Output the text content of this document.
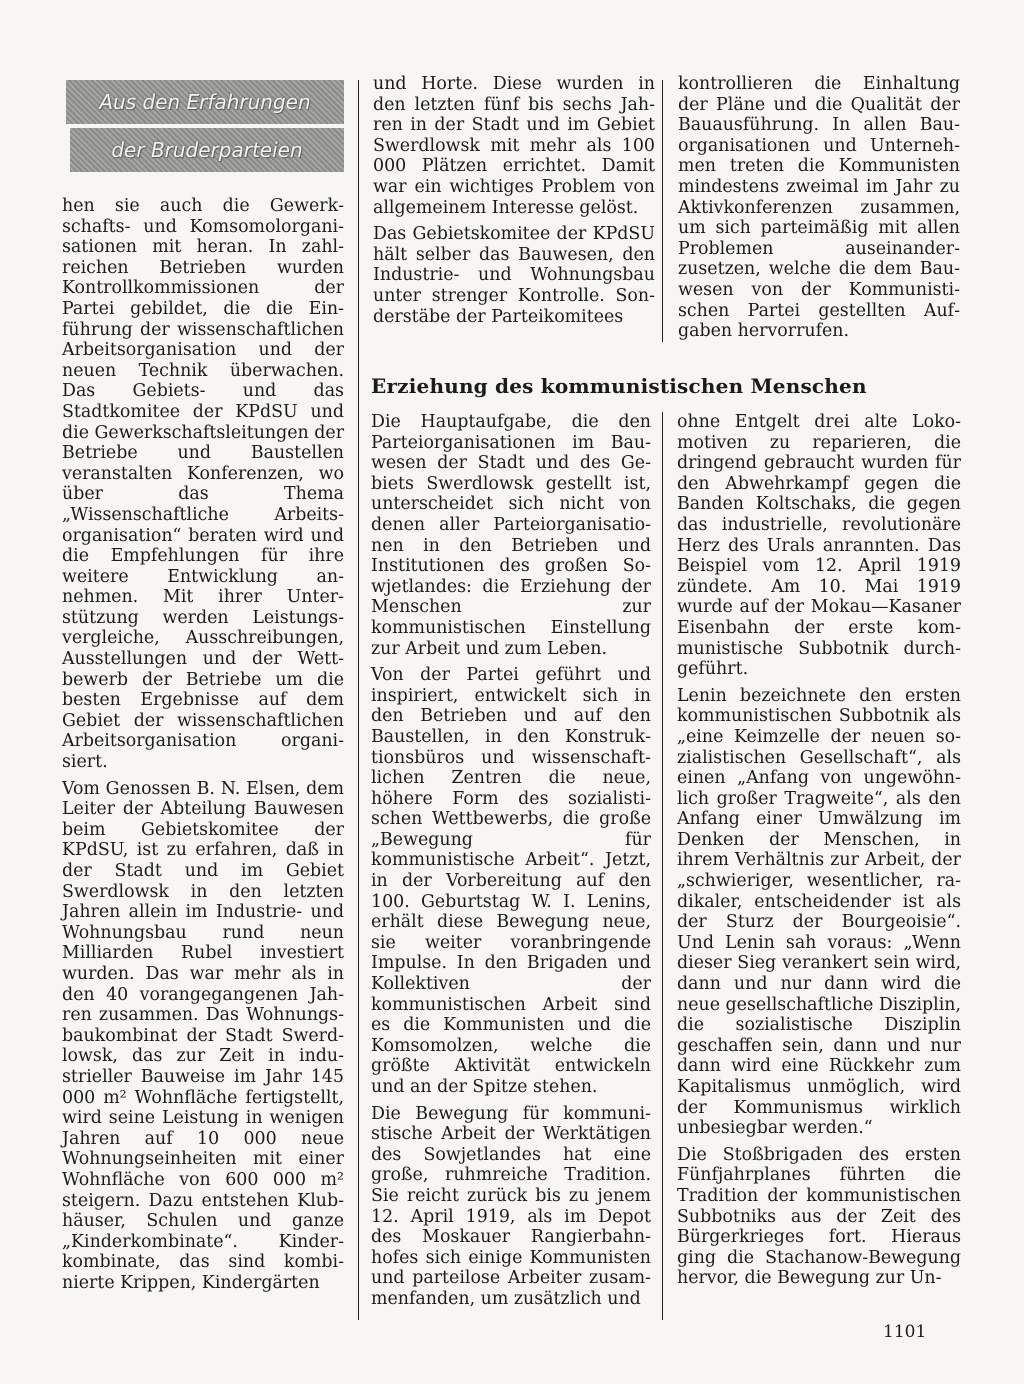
Aus den Erfahrungen
der Bruderparteien

hen sie auch die Gewerkschafts- und Komsomolorganisationen mit heran. In zahlreichen Betrieben wurden Kontrollkommissionen der Partei gebildet, die die Einführung der wissenschaftlichen Arbeitsorganisation und der neuen Technik überwachen. Das Gebiets- und das Stadtkomitee der KPdSU und die Gewerkschaftsleitungen der Betriebe und Baustellen veranstalten Konferenzen, wo über das Thema „Wissenschaftliche Arbeitsorganisation“ beraten wird und die Empfehlungen für ihre weitere Entwicklung annehmen. Mit ihrer Unterstützung werden Leistungsvergleiche, Ausschreibungen, Ausstellungen und der Wettbewerb der Betriebe um die besten Ergebnisse auf dem Gebiet der wissenschaftlichen Arbeitsorganisation organisiert.

Vom Genossen B. N. Elsen, dem Leiter der Abteilung Bauwesen beim Gebietskomitee der KPdSU, ist zu erfahren, daß in der Stadt und im Gebiet Swerdlowsk in den letzten Jahren allein im Industrie- und Wohnungsbau rund neun Milliarden Rubel investiert wurden. Das war mehr als in den 40 vorangegangenen Jahren zusammen. Das Wohnungsbaukombinat der Stadt Swerdlowsk, das zur Zeit in industrieller Bauweise im Jahr 145 000 m² Wohnfläche fertigstellt, wird seine Leistung in wenigen Jahren auf 10 000 neue Wohnungseinheiten mit einer Wohnfläche von 600 000 m² steigern. Dazu entstehen Klubhäuser, Schulen und ganze „Kinderkombinate“. Kinderkombinate, das sind kombinierte Krippen, Kindergärten

und Horte. Diese wurden in den letzten fünf bis sechs Jahren in der Stadt und im Gebiet Swerdlowsk mit mehr als 100 000 Plätzen errichtet. Damit war ein wichtiges Problem von allgemeinem Interesse gelöst.

Das Gebietskomitee der KPdSU hält selber das Bauwesen, den Industrie- und Wohnungsbau unter strenger Kontrolle. Sonderstäbe der Parteikomitees

kontrollieren die Einhaltung der Pläne und die Qualität der Bauausführung. In allen Bauorganisationen und Unternehmen treten die Kommunisten mindestens zweimal im Jahr zu Aktivkonferenzen zusammen, um sich parteimäßig mit allen Problemen auseinanderzusetzen, welche die dem Bauwesen von der Kommunistischen Partei gestellten Aufgaben hervorrufen.

Erziehung des kommunistischen Menschen

Die Hauptaufgabe, die den Parteiorganisationen im Bauwesen der Stadt und des Gebiets Swerdlowsk gestellt ist, unterscheidet sich nicht von denen aller Parteiorganisationen in den Betrieben und Institutionen des großen Sowjetlandes: die Erziehung der Menschen zur kommunistischen Einstellung zur Arbeit und zum Leben.

Von der Partei geführt und inspiriert, entwickelt sich in den Betrieben und auf den Baustellen, in den Konstruktionsbüros und wissenschaftlichen Zentren die neue, höhere Form des sozialistischen Wettbewerbs, die große „Bewegung für kommunistische Arbeit“. Jetzt, in der Vorbereitung auf den 100. Geburtstag W. I. Lenins, erhält diese Bewegung neue, sie weiter voranbringende Impulse. In den Brigaden und Kollektiven der kommunistischen Arbeit sind es die Kommunisten und die Komsomolzen, welche die größte Aktivität entwickeln und an der Spitze stehen.

Die Bewegung für kommunistische Arbeit der Werktätigen des Sowjetlandes hat eine große, ruhmreiche Tradition. Sie reicht zurück bis zu jenem 12. April 1919, als im Depot des Moskauer Rangierbahnhofes sich einige Kommunisten und parteilose Arbeiter zusammenfanden, um zusätzlich und

ohne Entgelt drei alte Lokomotiven zu reparieren, die dringend gebraucht wurden für den Abwehrkampf gegen die Banden Koltschaks, die gegen das industrielle, revolutionäre Herz des Urals anrannten. Das Beispiel vom 12. April 1919 zündete. Am 10. Mai 1919 wurde auf der Mokau—Kasaner Eisenbahn der erste kommunistische Subbotnik durchgeführt.

Lenin bezeichnete den ersten kommunistischen Subbotnik als „eine Keimzelle der neuen sozialistischen Gesellschaft“, als einen „Anfang von ungewöhnlich großer Tragweite“, als den Anfang einer Umwälzung im Denken der Menschen, in ihrem Verhältnis zur Arbeit, der „schwieriger, wesentlicher, radikaler, entscheidender ist als der Sturz der Bourgeoisie“. Und Lenin sah voraus: „Wenn dieser Sieg verankert sein wird, dann und nur dann wird die neue gesellschaftliche Disziplin, die sozialistische Disziplin geschaffen sein, dann und nur dann wird eine Rückkehr zum Kapitalismus unmöglich, wird der Kommunismus wirklich unbesiegbar werden.“

Die Stoßbrigaden des ersten Fünfjahrplanes führten die Tradition der kommunistischen Subbotniks aus der Zeit des Bürgerkrieges fort. Hieraus ging die Stachanow-Bewegung hervor, die Bewegung zur Un-

1101
